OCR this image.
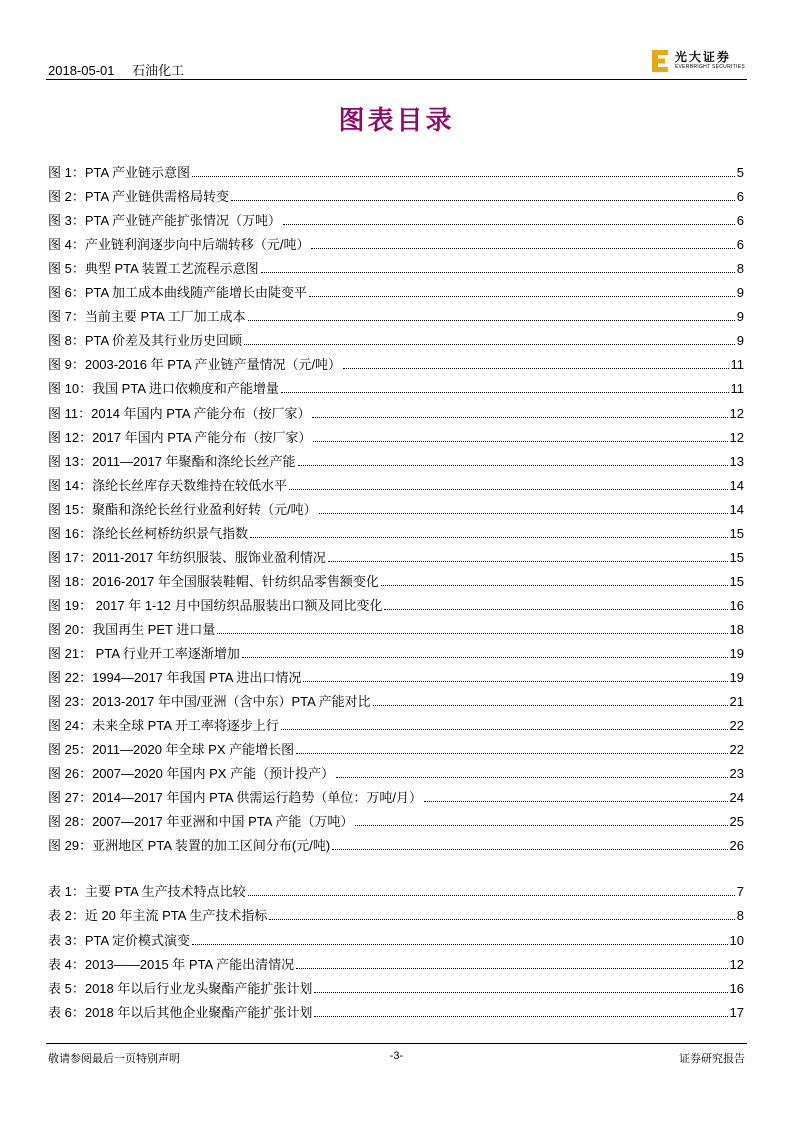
2018-05-01 石油化工
光大证券
EVERBRIGHT SECURITIES
图表目录
图 1：PTA 产业链示意图	5
图 2：PTA 产业链供需格局转变	6
图 3：PTA 产业链产能扩张情况（万吨）	6
图 4：产业链利润逐步向中后端转移（元/吨）	6
图 5：典型 PTA 装置工艺流程示意图	8
图 6：PTA 加工成本曲线随产能增长由陡变平	9
图 7：当前主要 PTA 工厂加工成本	9
图 8：PTA 价差及其行业历史回顾	9
图 9：2003-2016 年 PTA 产业链产量情况（元/吨）	11
图 10：我国 PTA 进口依赖度和产能增量	11
图 11：2014 年国内 PTA 产能分布（按厂家）	12
图 12：2017 年国内 PTA 产能分布（按厂家）	12
图 13：2011—2017 年聚酯和涤纶长丝产能	13
图 14：涤纶长丝库存天数维持在较低水平	14
图 15：聚酯和涤纶长丝行业盈利好转（元/吨）	14
图 16：涤纶长丝柯桥纺织景气指数	15
图 17：2011-2017 年纺织服装、服饰业盈利情况	15
图 18：2016-2017 年全国服装鞋帽、针纺织品零售额变化	15
图 19： 2017 年 1-12 月中国纺织品服装出口额及同比变化	16
图 20：我国再生 PET 进口量	18
图 21： PTA 行业开工率逐渐增加	19
图 22：1994—2017 年我国 PTA 进出口情况	19
图 23：2013-2017 年中国/亚洲（含中东）PTA 产能对比	21
图 24：未来全球 PTA 开工率将逐步上行	22
图 25：2011—2020 年全球 PX 产能增长图	22
图 26：2007—2020 年国内 PX 产能（预计投产）	23
图 27：2014—2017 年国内 PTA 供需运行趋势（单位：万吨/月）	24
图 28：2007—2017 年亚洲和中国 PTA 产能（万吨）	25
图 29：亚洲地区 PTA 装置的加工区间分布(元/吨)	26
表 1：主要 PTA 生产技术特点比较	7
表 2：近 20 年主流 PTA 生产技术指标	8
表 3：PTA 定价模式演变	10
表 4：2013——2015 年 PTA 产能出清情况	12
表 5：2018 年以后行业龙头聚酯产能扩张计划	16
表 6：2018 年以后其他企业聚酯产能扩张计划	17
敬请参阅最后一页特别声明	-3-	证券研究报告
